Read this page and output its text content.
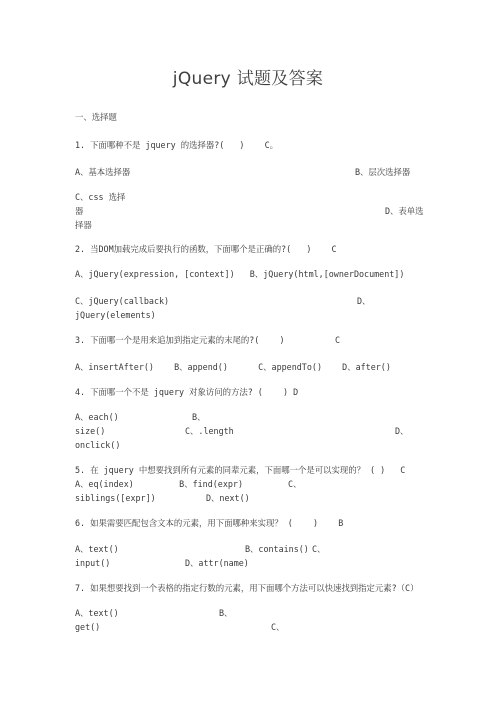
jQuery 试题及答案
一、选择题
1. 下面哪种不是 jquery 的选择器?(   )    C。
A、基本选择器	B、层次选择器
C、css 选择
器	D、表单选
择器
2. 当DOM加载完成后要执行的函数，下面哪个是正确的?(   )    C
A、jQuery(expression, [context])   B、jQuery(html,[ownerDocument])
C、jQuery(callback)	D、
jQuery(elements)
3. 下面哪一个是用来追加到指定元素的末尾的?(    )          C
A、insertAfter()    B、append()      C、appendTo()    D、after()
4. 下面哪一个不是 jquery 对象访问的方法? (    ) D
A、each()	B、
size()	C、.length	D、
onclick()
5. 在 jquery 中想要找到所有元素的同辈元素，下面哪一个是可以实现的？ ( )   C
A、eq(index)         B、find(expr)	C、
siblings([expr])	D、next()
6. 如果需要匹配包含文本的元素，用下面哪种来实现？ (    )    B
A、text()	B、contains() C、
input()	D、attr(name)
7. 如果想要找到一个表格的指定行数的元素，用下面哪个方法可以快速找到指定元素?（C）
A、text()	B、
get()	C、
